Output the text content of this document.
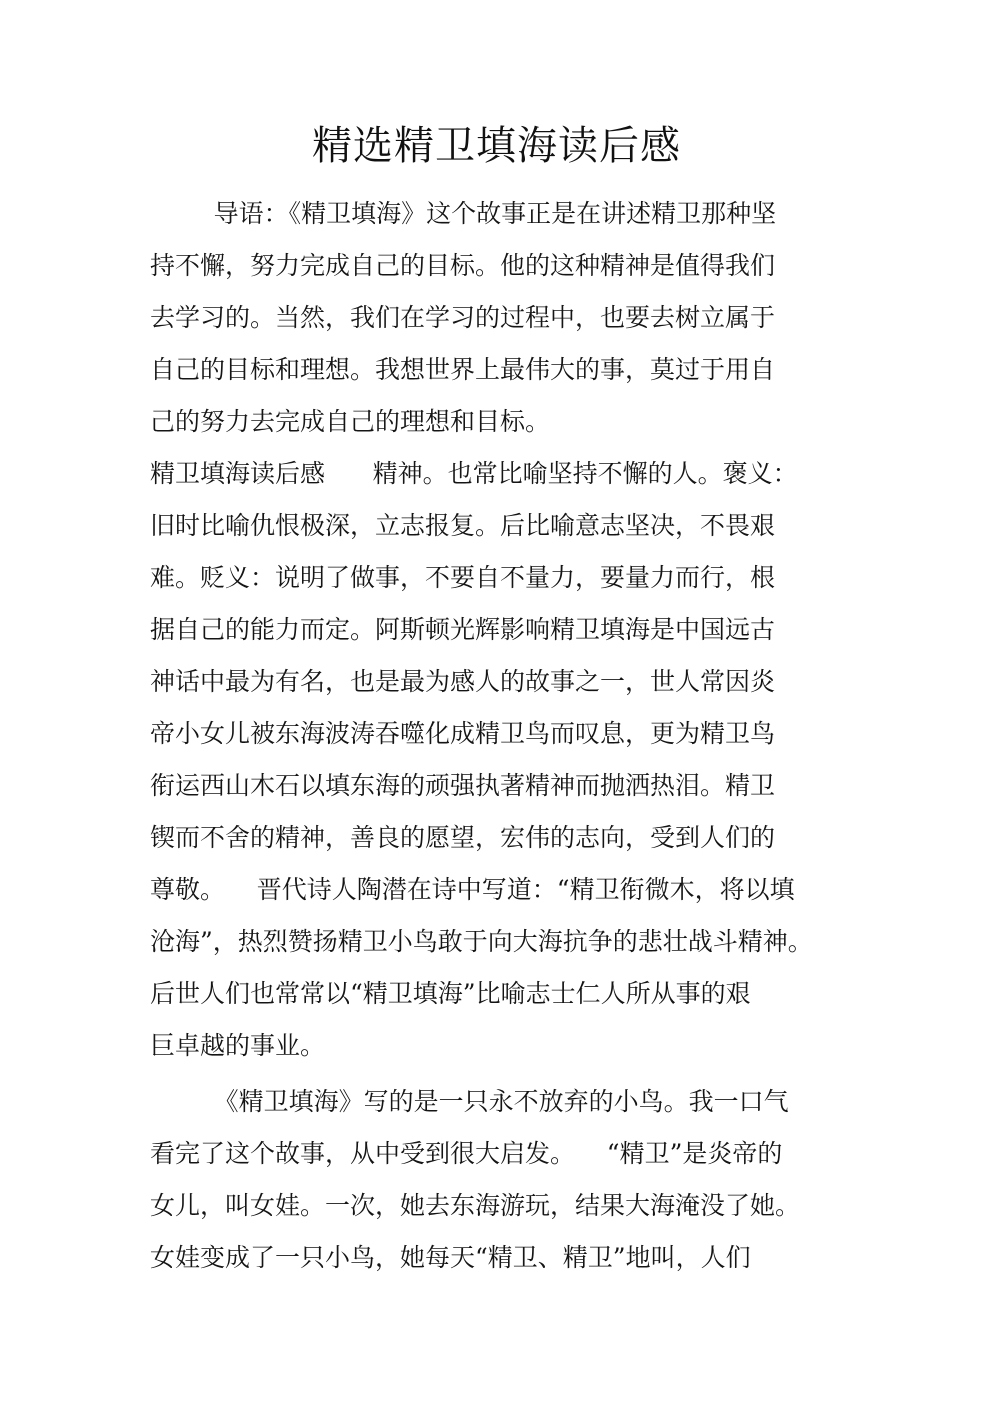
精选精卫填海读后感
导语：《精卫填海》这个故事正是在讲述精卫那种坚
持不懈，努力完成自己的目标。他的这种精神是值得我们
去学习的。当然，我们在学习的过程中，也要去树立属于
自己的目标和理想。我想世界上最伟大的事，莫过于用自
己的努力去完成自己的理想和目标。
精卫填海读后感      精神。也常比喻坚持不懈的人。褒义：
旧时比喻仇恨极深，立志报复。后比喻意志坚决，不畏艰
难。贬义：说明了做事，不要自不量力，要量力而行，根
据自己的能力而定。阿斯顿光辉影响精卫填海是中国远古
神话中最为有名，也是最为感人的故事之一，世人常因炎
帝小女儿被东海波涛吞噬化成精卫鸟而叹息，更为精卫鸟
衔运西山木石以填东海的顽强执著精神而抛洒热泪。精卫
锲而不舍的精神，善良的愿望，宏伟的志向，受到人们的
尊敬。    晋代诗人陶潜在诗中写道：“精卫衔微木，将以填
沧海”，热烈赞扬精卫小鸟敢于向大海抗争的悲壮战斗精神。
后世人们也常常以“精卫填海”比喻志士仁人所从事的艰
巨卓越的事业。
《精卫填海》写的是一只永不放弃的小鸟。我一口气
看完了这个故事，从中受到很大启发。    “精卫”是炎帝的
女儿，叫女娃。一次，她去东海游玩，结果大海淹没了她。
女娃变成了一只小鸟，她每天“精卫、精卫”地叫，人们
